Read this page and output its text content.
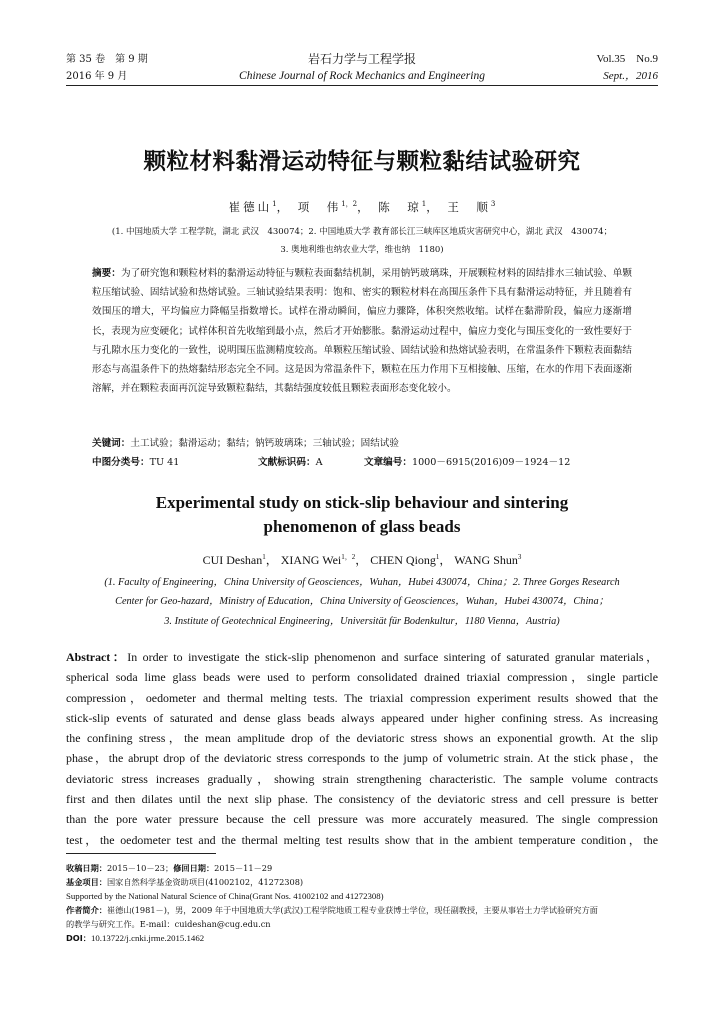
第 35 卷　第 9 期	岩石力学与工程学报	Vol.35　No.9
2016 年 9 月	Chinese Journal of Rock Mechanics and Engineering	Sept.，2016
颗粒材料黏滑运动特征与颗粒黏结试验研究
崔德山$^1$， 项　伟$^{1,2}$， 陈　琼$^1$， 王　顺$^3$
(1. 中国地质大学 工程学院，湖北 武汉　430074；2. 中国地质大学 教育部长江三峡库区地质灾害研究中心，湖北 武汉　430074；
3. 奥地利维也纳农业大学，维也纳　1180)
摘要：为了研究饱和颗粒材料的黏滑运动特征与颗粒表面黏结机制，采用钠钙玻璃珠，开展颗粒材料的固结排水三轴试验、单颗粒压缩试验、固结试验和热熔试验。三轴试验结果表明：饱和、密实的颗粒材料在高围压条件下具有黏滑运动特征，并且随着有效围压的增大，平均偏应力降幅呈指数增长。试样在滑动瞬间，偏应力骤降，体积突然收缩。试样在黏滞阶段，偏应力逐渐增长，表现为应变硬化；试样体积首先收缩到最小点，然后才开始膨胀。黏滑运动过程中，偏应力变化与围压变化的一致性要好于与孔隙水压力变化的一致性，说明围压监测精度较高。单颗粒压缩试验、固结试验和热熔试验表明，在常温条件下颗粒表面黏结形态与高温条件下的热熔黏结形态完全不同。这是因为常温条件下，颗粒在压力作用下互相接触、压缩，在水的作用下表面逐渐溶解，并在颗粒表面再沉淀导致颗粒黏结，其黏结强度较低且颗粒表面形态变化较小。
关键词：土工试验；黏滑运动；黏结；钠钙玻璃珠；三轴试验；固结试验
中图分类号：TU 41	文献标识码：A	文章编号：1000－6915(2016)09－1924－12
Experimental study on stick-slip behaviour and sintering
phenomenon of glass beads
CUI Deshan$^1$， XIANG Wei$^{1,2}$， CHEN Qiong$^1$， WANG Shun$^3$
(1. Faculty of Engineering，China University of Geosciences，Wuhan，Hubei 430074，China；2. Three Gorges Research
Center for Geo-hazard，Ministry of Education，China University of Geosciences，Wuhan，Hubei 430074，China；
3. Institute of Geotechnical Engineering，Universität für Bodenkultur，1180 Vienna，Austria)
Abstract：In order to investigate the stick-slip phenomenon and surface sintering of saturated granular materials，
spherical soda lime glass beads were used to perform consolidated drained triaxial compression，single particle
compression，oedometer and thermal melting tests. The triaxial compression experiment results showed that the
stick-slip events of saturated and dense glass beads always appeared under higher confining stress. As increasing
the confining stress，the mean amplitude drop of the deviatoric stress shows an exponential growth. At the slip
phase，the abrupt drop of the deviatoric stress corresponds to the jump of volumetric strain. At the stick phase，the
deviatoric stress increases gradually，showing strain strengthening characteristic. The sample volume contracts
first and then dilates until the next slip phase. The consistency of the deviatoric stress and cell pressure is better
than the pore water pressure because the cell pressure was more accurately measured. The single compression
test，the oedometer test and the thermal melting test results show that in the ambient temperature condition，the
收稿日期：2015－10－23；修回日期：2015－11－29
基金项目：国家自然科学基金资助项目(41002102，41272308)
Supported by the National Natural Science of China(Grant Nos. 41002102 and 41272308)
作者简介：崔德山(1981－)，男，2009 年于中国地质大学(武汉)工程学院地质工程专业获博士学位，现任副教授，主要从事岩土力学试验研究方面
的教学与研究工作。E-mail：cuideshan@cug.edu.cn
DOI：10.13722/j.cnki.jrme.2015.1462
